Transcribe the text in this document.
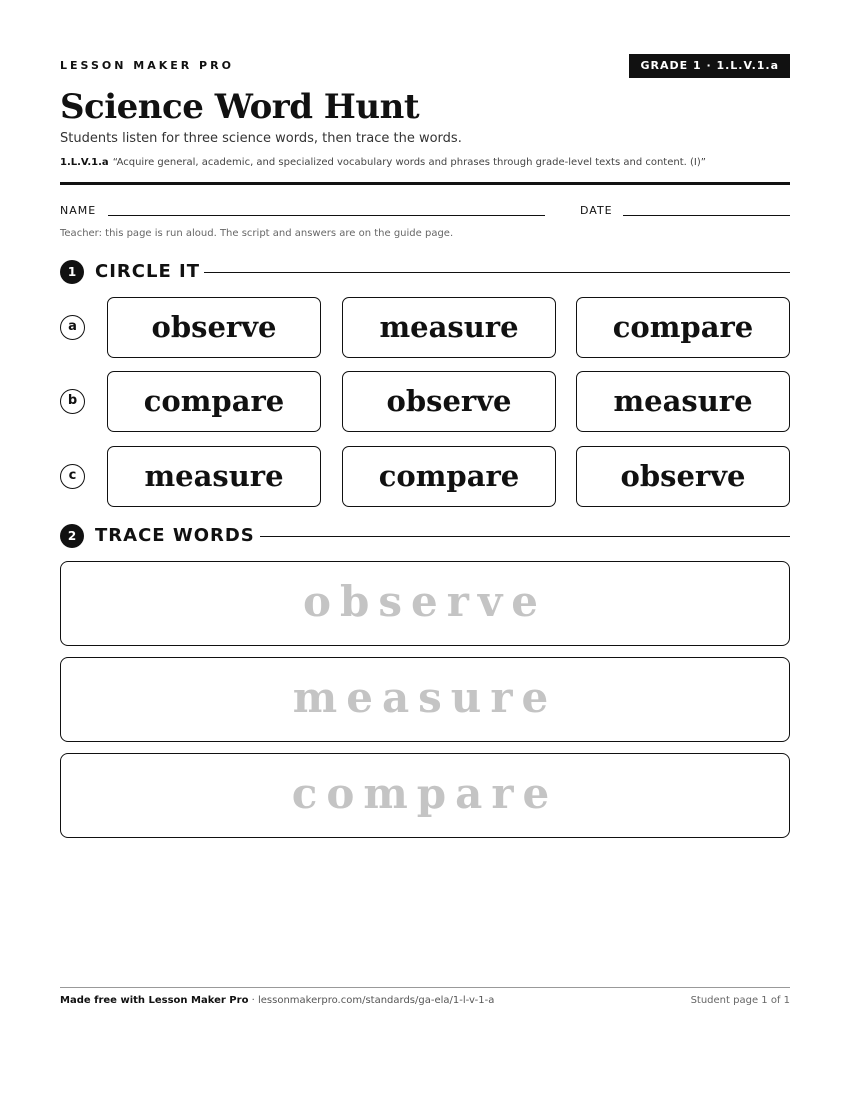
LESSON MAKER PRO	GRADE 1 · 1.L.V.1.a
Science Word Hunt
Students listen for three science words, then trace the words.
1.L.V.1.a “Acquire general, academic, and specialized vocabulary words and phrases through grade-level texts and content. (I)”
NAME	DATE
Teacher: this page is run aloud. The script and answers are on the guide page.
1	CIRCLE IT
a	observe	measure	compare
b	compare	observe	measure
c	measure	compare	observe
2	TRACE WORDS
observe
measure
compare
Made free with Lesson Maker Pro · lessonmakerpro.com/standards/ga-ela/1-l-v-1-a	Student page 1 of 1
